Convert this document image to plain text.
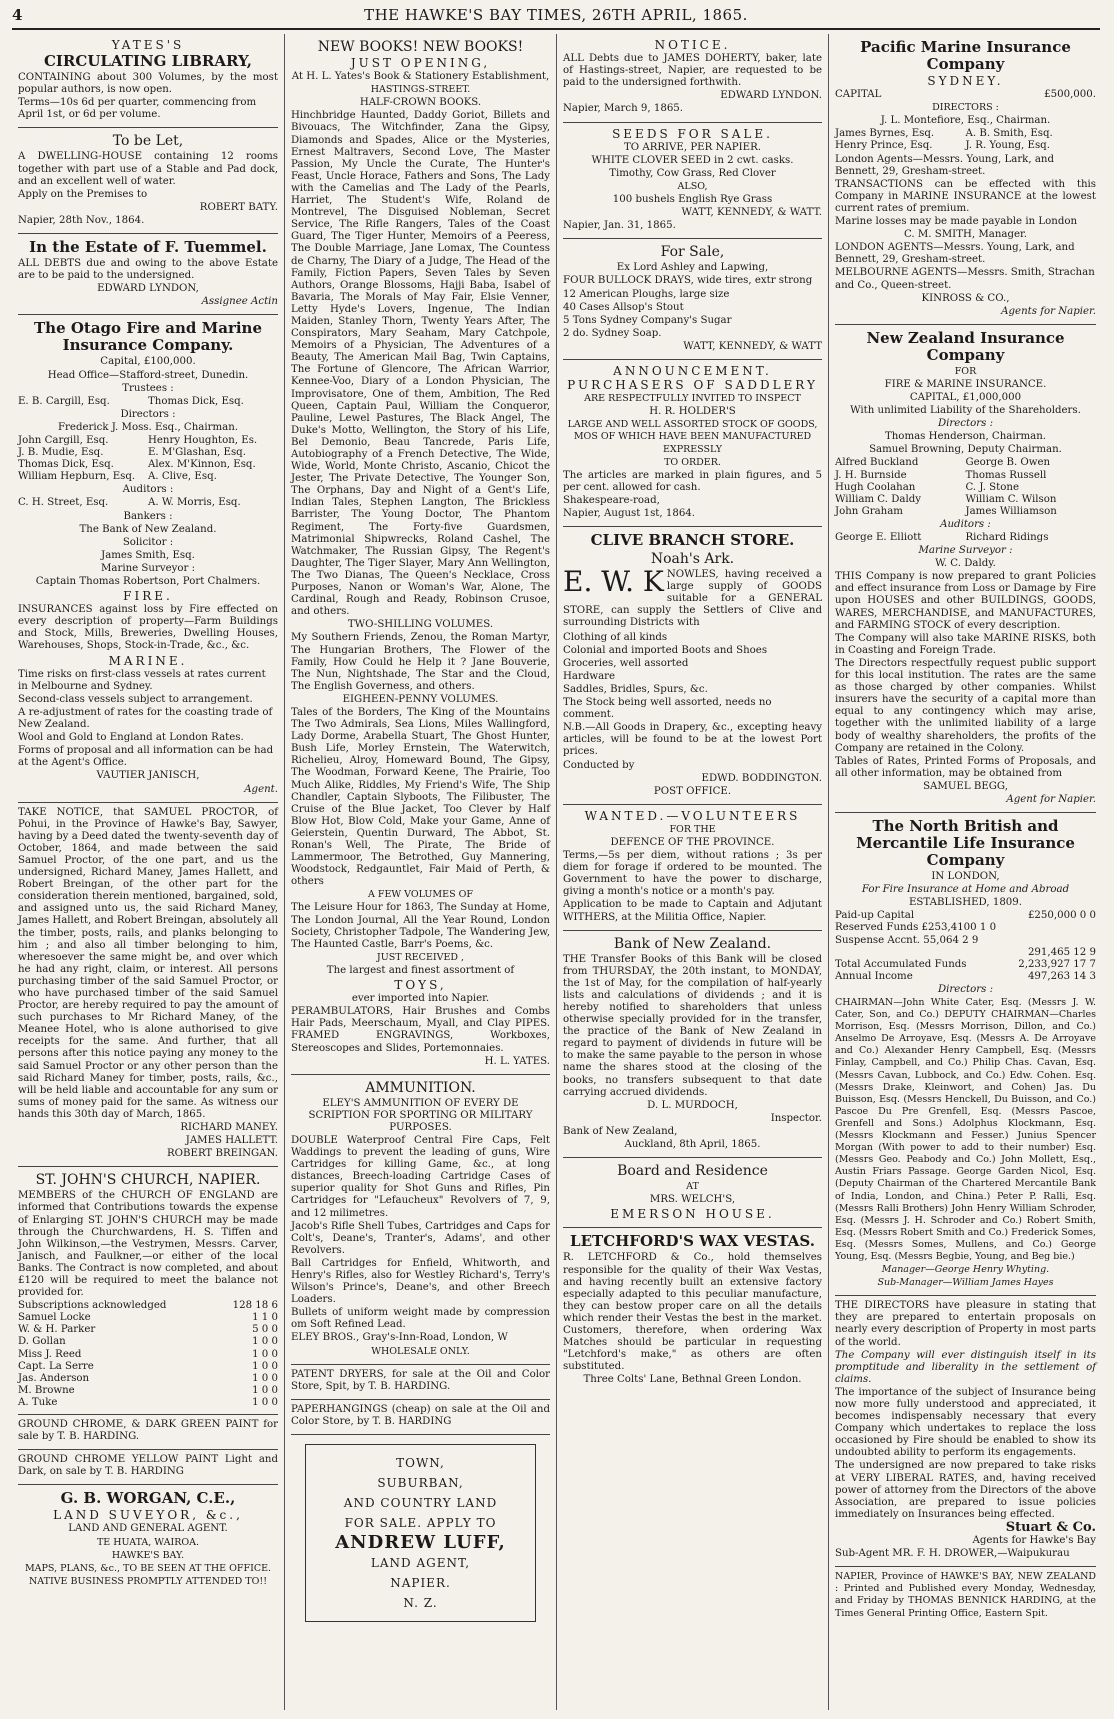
4	THE HAWKE'S BAY TIMES, 26TH APRIL, 1865.
YATES'S
CIRCULATING LIBRARY,

CONTAINING about 300 Volumes, by the most popular authors, is now open.

Terms—10s 6d per quarter, commencing from April 1st, or 6d per volume.

To be Let,

A DWELLING-HOUSE containing 12 rooms together with part use of a Stable and Pad dock, and an excellent well of water.

Apply on the Premises to

ROBERT BATY.

Napier, 28th Nov., 1864.

In the Estate of F. Tuemmel.

ALL DEBTS due and owing to the above Estate are to be paid to the undersigned.

EDWARD LYNDON,

Assignee Actin

The Otago Fire and Marine Insurance Company.

Capital, £100,000.

Head Office—Stafford-street, Dunedin.

Trustees :

E. B. Cargill, Esq.	Thomas Dick, Esq.

Directors :

Frederick J. Moss. Esq., Chairman.

John Cargill, Esq.	Henry Houghton, Es.
J. B. Mudie, Esq.	E. M'Glashan, Esq.
Thomas Dick, Esq.	Alex. M'Kinnon, Esq.
William Hepburn, Esq.	A. Clive, Esq.

Auditors :

C. H. Street, Esq.	A. W. Morris, Esq.

Bankers :

The Bank of New Zealand.

Solicitor :

James Smith, Esq.

Marine Surveyor :

Captain Thomas Robertson, Port Chalmers.

FIRE.

INSURANCES against loss by Fire effected on every description of property—Farm Buildings and Stock, Mills, Breweries, Dwelling Houses, Warehouses, Shops, Stock-in-Trade, &c., &c.

MARINE.

Time risks on first-class vessels at rates current in Melbourne and Sydney.

Second-class vessels subject to arrangement.

A re-adjustment of rates for the coasting trade of New Zealand.

Wool and Gold to England at London Rates.

Forms of proposal and all information can be had at the Agent's Office.

VAUTIER JANISCH,

Agent.

TAKE NOTICE, that SAMUEL PROCTOR, of Pohui, in the Province of Hawke's Bay, Sawyer, having by a Deed dated the twenty-seventh day of October, 1864, and made between the said Samuel Proctor, of the one part, and us the undersigned, Richard Maney, James Hallett, and Robert Breingan, of the other part for the consideration therein mentioned, bargained, sold, and assigned unto us, the said Richard Maney, James Hallett, and Robert Breingan, absolutely all the timber, posts, rails, and planks belonging to him ; and also all timber belonging to him, wheresoever the same might be, and over which he had any right, claim, or interest. All persons purchasing timber of the said Samuel Proctor, or who have purchased timber of the said Samuel Proctor, are hereby required to pay the amount of such purchases to Mr Richard Maney, of the Meanee Hotel, who is alone authorised to give receipts for the same. And further, that all persons after this notice paying any money to the said Samuel Proctor or any other person than the said Richard Maney for timber, posts, rails, &c., will be held liable and accountable for any sum or sums of money paid for the same. As witness our hands this 30th day of March, 1865.

RICHARD MANEY.

JAMES HALLETT.

ROBERT BREINGAN.

ST. JOHN'S CHURCH, NAPIER.

MEMBERS of the CHURCH OF ENGLAND are informed that Contributions towards the expense of Enlarging ST. JOHN'S CHURCH may be made through the Churchwardens, H. S. Tiffen and John Wilkinson,—the Vestrymen, Messrs. Carver, Janisch, and Faulkner,—or either of the local Banks. The Contract is now completed, and about £120 will be required to meet the balance not provided for.

Subscriptions acknowledged	128 18 6
Samuel Locke	1 1 0
W. & H. Parker	5 0 0
D. Gollan	1 0 0
Miss J. Reed	1 0 0
Capt. La Serre	1 0 0
Jas. Anderson	1 0 0
M. Browne	1 0 0
A. Tuke	1 0 0

GROUND CHROME, & DARK GREEN PAINT for sale by T. B. HARDING.

GROUND CHROME YELLOW PAINT Light and Dark, on sale by T. B. HARDING

G. B. WORGAN, C.E.,
LAND SUVEYOR, &c.,

LAND AND GENERAL AGENT.

TE HUATA, WAIROA.

HAWKE'S BAY.

MAPS, PLANS, &c., TO BE SEEN AT THE OFFICE.

NATIVE BUSINESS PROMPTLY ATTENDED TO!!

NEW BOOKS! NEW BOOKS!
JUST OPENING,

At H. L. Yates's Book & Stationery Establishment,

HASTINGS-STREET.

HALF-CROWN BOOKS.

Hinchbridge Haunted, Daddy Goriot, Billets and Bivouacs, The Witchfinder, Zana the Gipsy, Diamonds and Spades, Alice or the Mysteries, Ernest Maltravers, Second Love, The Master Passion, My Uncle the Curate, The Hunter's Feast, Uncle Horace, Fathers and Sons, The Lady with the Camelias and The Lady of the Pearls, Harriet, The Student's Wife, Roland de Montrevel, The Disguised Nobleman, Secret Service, The Rifle Rangers, Tales of the Coast Guard, The Tiger Hunter, Memoirs of a Peeress, The Double Marriage, Jane Lomax, The Countess de Charny, The Diary of a Judge, The Head of the Family, Fiction Papers, Seven Tales by Seven Authors, Orange Blossoms, Hajji Baba, Isabel of Bavaria, The Morals of May Fair, Elsie Venner, Letty Hyde's Lovers, Ingenue, The Indian Maiden, Stanley Thorn, Twenty Years After, The Conspirators, Mary Seaham, Mary Catchpole, Memoirs of a Physician, The Adventures of a Beauty, The American Mail Bag, Twin Captains, The Fortune of Glencore, The African Warrior, Kennee-Voo, Diary of a London Physician, The Improvisatore, One of them, Ambition, The Red Queen, Captain Paul, William the Conqueror, Pauline, Lewel Pastures, The Black Angel, The Duke's Motto, Wellington, the Story of his Life, Bel Demonio, Beau Tancrede, Paris Life, Autobiography of a French Detective, The Wide, Wide, World, Monte Christo, Ascanio, Chicot the Jester, The Private Detective, The Younger Son, The Orphans, Day and Night of a Gent's Life, Indian Tales, Stephen Langton, The Brickless Barrister, The Young Doctor, The Phantom Regiment, The Forty-five Guardsmen, Matrimonial Shipwrecks, Roland Cashel, The Watchmaker, The Russian Gipsy, The Regent's Daughter, The Tiger Slayer, Mary Ann Wellington, The Two Dianas, The Queen's Necklace, Cross Purposes, Nanon or Woman's War, Alone, The Cardinal, Rough and Ready, Robinson Crusoe, and others.

TWO-SHILLING VOLUMES.

My Southern Friends, Zenou, the Roman Martyr, The Hungarian Brothers, The Flower of the Family, How Could he Help it ? Jane Bouverie, The Nun, Nightshade, The Star and the Cloud, The English Governess, and others.

EIGHEEN-PENNY VOLUMES.

Tales of the Borders, The King of the Mountains The Two Admirals, Sea Lions, Miles Wallingford, Lady Dorme, Arabella Stuart, The Ghost Hunter, Bush Life, Morley Ernstein, The Waterwitch, Richelieu, Alroy, Homeward Bound, The Gipsy, The Woodman, Forward Keene, The Prairie, Too Much Alike, Riddles, My Friend's Wife, The Ship Chandler, Captain Slyboots, The Filibuster, The Cruise of the Blue Jacket, Too Clever by Half Blow Hot, Blow Cold, Make your Game, Anne of Geierstein, Quentin Durward, The Abbot, St. Ronan's Well, The Pirate, The Bride of Lammermoor, The Betrothed, Guy Mannering, Woodstock, Redgauntlet, Fair Maid of Perth, & others

A FEW VOLUMES OF

The Leisure Hour for 1863, The Sunday at Home, The London Journal, All the Year Round, London Society, Christopher Tadpole, The Wandering Jew, The Haunted Castle, Barr's Poems, &c.

JUST RECEIVED ,

The largest and finest assortment of

TOYS,

ever imported into Napier.

PERAMBULATORS, Hair Brushes and Combs Hair Pads, Meerschaum, Myall, and Clay PIPES. FRAMED ENGRAVINGS, Workboxes, Stereoscopes and Slides, Portemonnaies.

H. L. YATES.

AMMUNITION.

ELEY'S AMMUNITION OF EVERY DE SCRIPTION FOR SPORTING OR MILITARY PURPOSES.

DOUBLE Waterproof Central Fire Caps, Felt Waddings to prevent the leading of guns, Wire Cartridges for killing Game, &c., at long distances, Breech-loading Cartridge Cases of superior quality for Shot Guns and Rifles, Pin Cartridges for "Lefaucheux" Revolvers of 7, 9, and 12 milimetres.

Jacob's Rifle Shell Tubes, Cartridges and Caps for Colt's, Deane's, Tranter's, Adams', and other Revolvers.

Ball Cartridges for Enfield, Whitworth, and Henry's Rifles, also for Westley Richard's, Terry's Wilson's Prince's, Deane's, and other Breech Loaders.

Bullets of uniform weight made by compression om Soft Refined Lead.

ELEY BROS., Gray's-Inn-Road, London, W

WHOLESALE ONLY.

PATENT DRYERS, for sale at the Oil and Color Store, Spit, by T. B. HARDING.

PAPERHANGINGS (cheap) on sale at the Oil and Color Store, by T. B. HARDING

TOWN,
SUBURBAN,
AND COUNTRY LAND
FOR SALE. APPLY TO
ANDREW LUFF,
LAND AGENT,
NAPIER.
N. Z.
NOTICE.

ALL Debts due to JAMES DOHERTY, baker, late of Hastings-street, Napier, are requested to be paid to the undersigned forthwith.

EDWARD LYNDON.

Napier, March 9, 1865.

SEEDS FOR SALE.

TO ARRIVE, PER NAPIER.

WHITE CLOVER SEED in 2 cwt. casks.

Timothy, Cow Grass, Red Clover

ALSO,

100 bushels English Rye Grass

WATT, KENNEDY, & WATT.

Napier, Jan. 31, 1865.

For Sale,

Ex Lord Ashley and Lapwing,

FOUR BULLOCK DRAYS, wide tires, extr strong

12 American Ploughs, large size

40 Cases Allsop's Stout

5 Tons Sydney Company's Sugar

2 do. Sydney Soap.

WATT, KENNEDY, & WATT

ANNOUNCEMENT.
PURCHASERS OF SADDLERY

ARE RESPECTFULLY INVITED TO INSPECT

H. R. HOLDER'S

LARGE AND WELL ASSORTED STOCK OF GOODS, MOS OF WHICH HAVE BEEN MANUFACTURED EXPRESSLY

TO ORDER.

The articles are marked in plain figures, and 5 per cent. allowed for cash.

Shakespeare-road,

Napier, August 1st, 1864.

CLIVE BRANCH STORE.
Noah's Ark.

E. W. K NOWLES, having received a large supply of GOODS suitable for a GENERAL STORE, can supply the Settlers of Clive and surrounding Districts with

Clothing of all kinds

Colonial and imported Boots and Shoes

Groceries, well assorted

Hardware

Saddles, Bridles, Spurs, &c.

The Stock being well assorted, needs no comment.

N.B.—All Goods in Drapery, &c., excepting heavy articles, will be found to be at the lowest Port prices.

Conducted by

EDWD. BODDINGTON.

POST OFFICE.

WANTED.—VOLUNTEERS

FOR THE

DEFENCE OF THE PROVINCE.

Terms,—5s per diem, without rations ; 3s per diem for forage if ordered to be mounted. The Government to have the power to discharge, giving a month's notice or a month's pay.

Application to be made to Captain and Adjutant WITHERS, at the Militia Office, Napier.

Bank of New Zealand.

THE Transfer Books of this Bank will be closed from THURSDAY, the 20th instant, to MONDAY, the 1st of May, for the compilation of half-yearly lists and calculations of dividends ; and it is hereby notified to shareholders that unless otherwise specially provided for in the transfer, the practice of the Bank of New Zealand in regard to payment of dividends in future will be to make the same payable to the person in whose name the shares stood at the closing of the books, no transfers subsequent to that date carrying accrued dividends.

D. L. MURDOCH,

Inspector.

Bank of New Zealand,

Auckland, 8th April, 1865.

Board and Residence

AT

MRS. WELCH'S,

EMERSON HOUSE.
LETCHFORD'S WAX VESTAS.

R. LETCHFORD & Co., hold themselves responsible for the quality of their Wax Vestas, and having recently built an extensive factory especially adapted to this peculiar manufacture, they can bestow proper care on all the details which render their Vestas the best in the market. Customers, therefore, when ordering Wax Matches should be particular in requesting "Letchford's make," as others are often substituted.

Three Colts' Lane, Bethnal Green London.

Pacific Marine Insurance Company
SYDNEY.
CAPITAL	£500,000.

DIRECTORS :

J. L. Montefiore, Esq., Chairman.

James Byrnes, Esq.	A. B. Smith, Esq.
Henry Prince, Esq.	J. R. Young, Esq.

London Agents—Messrs. Young, Lark, and Bennett, 29, Gresham-street.

TRANSACTIONS can be effected with this Company in MARINE INSURANCE at the lowest current rates of premium.

Marine losses may be made payable in London

C. M. SMITH, Manager.

LONDON AGENTS—Messrs. Young, Lark, and Bennett, 29, Gresham-street.

MELBOURNE AGENTS—Messrs. Smith, Strachan and Co., Queen-street.

KINROSS & CO.,

Agents for Napier.

New Zealand Insurance Company

FOR

FIRE & MARINE INSURANCE.

CAPITAL, £1,000,000

With unlimited Liability of the Shareholders.

Directors :

Thomas Henderson, Chairman.

Samuel Browning, Deputy Chairman.

Alfred Buckland	George B. Owen
J. H. Burnside	Thomas Russell
Hugh Coolahan	C. J. Stone
William C. Daldy	William C. Wilson
John Graham	James Williamson

Auditors :

George E. Elliott	Richard Ridings

Marine Surveyor :

W. C. Daldy.

THIS Company is now prepared to grant Policies and effect insurance from Loss or Damage by Fire upon HOUSES and other BUILDINGS, GOODS, WARES, MERCHANDISE, and MANUFACTURES, and FARMING STOCK of every description.

The Company will also take MARINE RISKS, both in Coasting and Foreign Trade.

The Directors respectfully request public support for this local institution. The rates are the same as those charged by other companies. Whilst insurers have the security of a capital more than equal to any contingency which may arise, together with the unlimited liability of a large body of wealthy shareholders, the profits of the Company are retained in the Colony.

Tables of Rates, Printed Forms of Proposals, and all other information, may be obtained from

SAMUEL BEGG,

Agent for Napier.

The North British and Mercantile Life Insurance Company

IN LONDON,

For Fire Insurance at Home and Abroad

ESTABLISHED, 1809.

Paid-up Capital	£250,000 0 0
Reserved Funds £253,4100 1 0
Suspense Accnt. 55,064 2 9
291,465 12 9
Total Accumulated Funds	2,233,927 17 7
Annual Income	497,263 14 3

Directors :

CHAIRMAN—John White Cater, Esq. (Messrs J. W. Cater, Son, and Co.) DEPUTY CHAIRMAN—Charles Morrison, Esq. (Messrs Morrison, Dillon, and Co.) Anselmo De Arroyave, Esq. (Messrs A. De Arroyave and Co.) Alexander Henry Campbell, Esq. (Messrs Finlay, Campbell, and Co.) Philip Chas. Cavan, Esq. (Messrs Cavan, Lubbock, and Co.) Edw. Cohen. Esq. (Messrs Drake, Kleinwort, and Cohen) Jas. Du Buisson, Esq. (Messrs Henckell, Du Buisson, and Co.) Pascoe Du Pre Grenfell, Esq. (Messrs Pascoe, Grenfell and Sons.) Adolphus Klockmann, Esq. (Messrs Klockmann and Fesser.) Junius Spencer Morgan (With power to add to their number) Esq. (Messrs Geo. Peabody and Co.) John Mollett, Esq., Austin Friars Passage. George Garden Nicol, Esq. (Deputy Chairman of the Chartered Mercantile Bank of India, London, and China.) Peter P. Ralli, Esq. (Messrs Ralli Brothers) John Henry William Schroder, Esq. (Messrs J. H. Schroder and Co.) Robert Smith, Esq. (Messrs Robert Smith and Co.) Frederick Somes, Esq. (Messrs Somes, Mullens, and Co.) George Young, Esq. (Messrs Begbie, Young, and Beg bie.)

Manager—George Henry Whyting.

Sub-Manager—William James Hayes

THE DIRECTORS have pleasure in stating that they are prepared to entertain proposals on nearly every description of Property in most parts of the world.

The Company will ever distinguish itself in its promptitude and liberality in the settlement of claims.

The importance of the subject of Insurance being now more fully understood and appreciated, it becomes indispensably necessary that every Company which undertakes to replace the loss occasioned by Fire should be enabled to show its undoubted ability to perform its engagements.

The undersigned are now prepared to take risks at VERY LIBERAL RATES, and, having received power of attorney from the Directors of the above Association, are prepared to issue policies immediately on Insurances being effected.

Stuart & Co.

Agents for Hawke's Bay

Sub-Agent MR. F. H. DROWER,—Waipukurau

NAPIER, Province of HAWKE'S BAY, NEW ZEALAND : Printed and Published every Monday, Wednesday, and Friday by THOMAS BENNICK HARDING, at the Times General Printing Office, Eastern Spit.
